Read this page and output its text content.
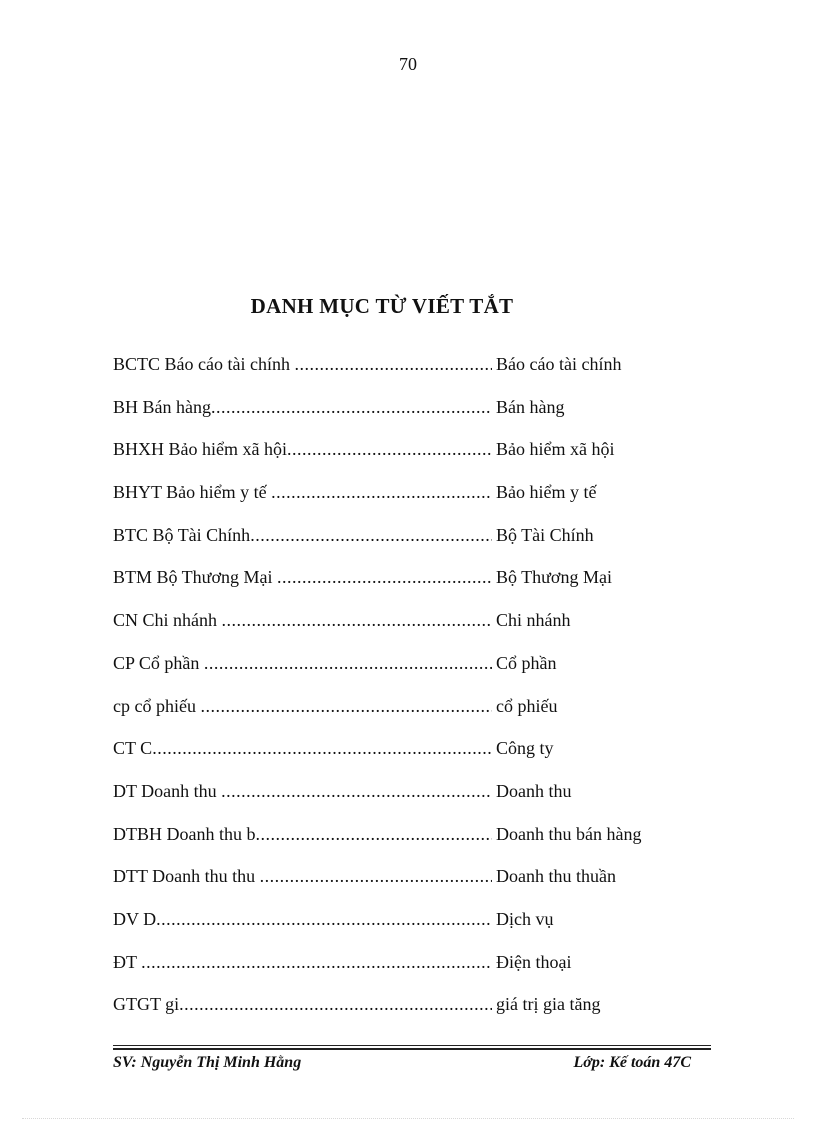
70
DANH MỤC TỪ VIẾT TẮT
BCTC Báo cáo tài chính .....	Báo cáo tài chính
BH Bán hàng .....	Bán hàng
BHXH Bảo hiểm xã hội .....	Bảo hiểm xã hội
BHYT Bảo hiểm y tế .....	Bảo hiểm y tế
BTC Bộ Tài Chính .....	Bộ Tài Chính
BTM Bộ Thương Mại .....	Bộ Thương Mại
CN Chi nhánh .....	Chi nhánh
CP Cổ phần .....	Cổ phần
cp cổ phiếu .....	cổ phiếu
CT C .....	Công ty
DT Doanh thu .....	Doanh thu
DTBH Doanh thu b .....	Doanh thu bán hàng
DTT Doanh thu thu .....	Doanh thu thuần
DV D .....	Dịch vụ
ĐT .....	Điện thoại
GTGT gi .....	giá trị gia tăng
SV: Nguyễn Thị Minh Hằng	Lớp: Kế toán 47C
